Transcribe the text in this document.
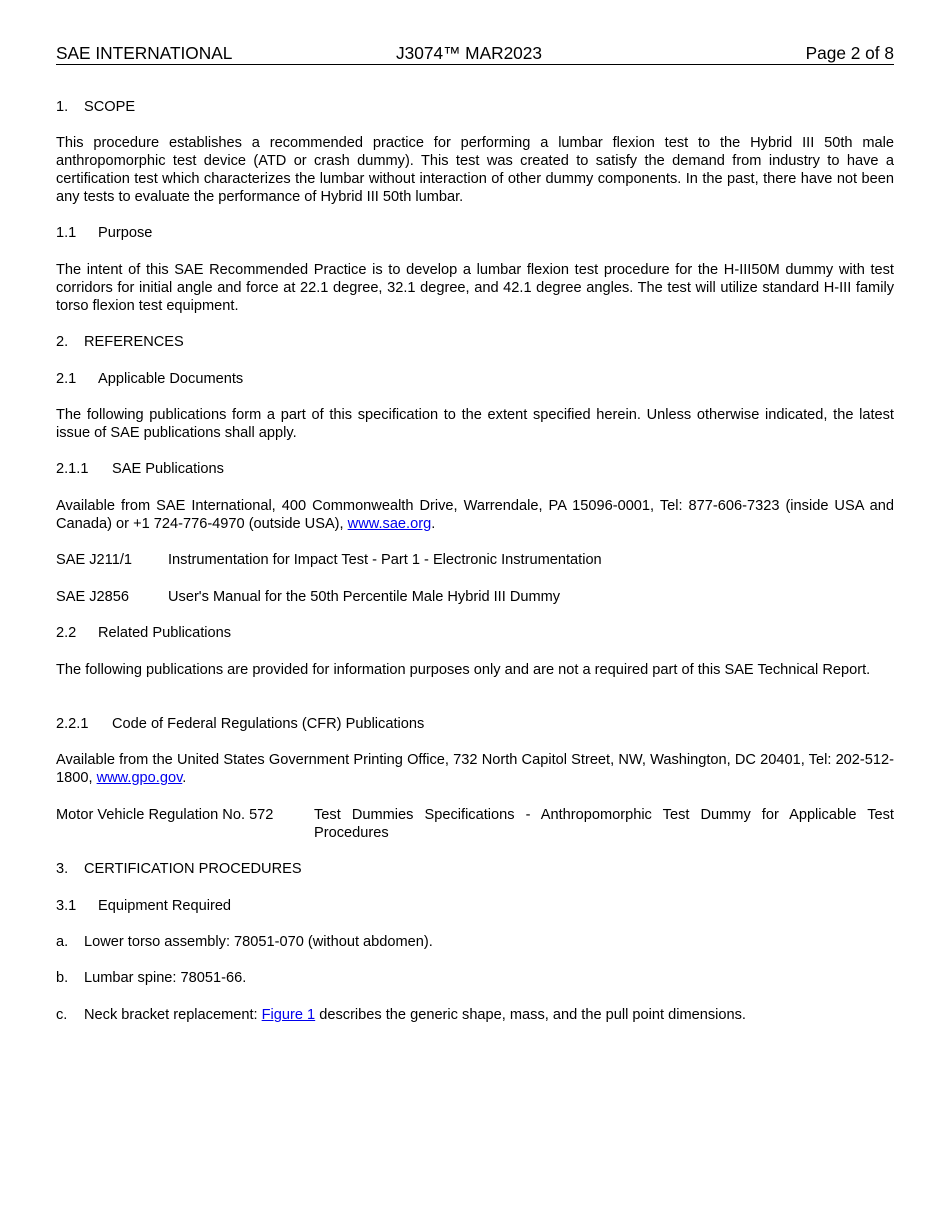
SAE INTERNATIONAL	J3074™ MAR2023	Page 2 of 8
1. SCOPE
This procedure establishes a recommended practice for performing a lumbar flexion test to the Hybrid III 50th male anthropomorphic test device (ATD or crash dummy). This test was created to satisfy the demand from industry to have a certification test which characterizes the lumbar without interaction of other dummy components. In the past, there have not been any tests to evaluate the performance of Hybrid III 50th lumbar.
1.1 Purpose
The intent of this SAE Recommended Practice is to develop a lumbar flexion test procedure for the H-III50M dummy with test corridors for initial angle and force at 22.1 degree, 32.1 degree, and 42.1 degree angles. The test will utilize standard H-III family torso flexion test equipment.
2. REFERENCES
2.1 Applicable Documents
The following publications form a part of this specification to the extent specified herein. Unless otherwise indicated, the latest issue of SAE publications shall apply.
2.1.1 SAE Publications
Available from SAE International, 400 Commonwealth Drive, Warrendale, PA 15096-0001, Tel: 877-606-7323 (inside USA and Canada) or +1 724-776-4970 (outside USA), www.sae.org.
SAE J211/1 Instrumentation for Impact Test - Part 1 - Electronic Instrumentation
SAE J2856	User's Manual for the 50th Percentile Male Hybrid III Dummy
2.2 Related Publications
The following publications are provided for information purposes only and are not a required part of this SAE Technical Report.
2.2.1 Code of Federal Regulations (CFR) Publications
Available from the United States Government Printing Office, 732 North Capitol Street, NW, Washington, DC 20401, Tel: 202-512-1800, www.gpo.gov.
Motor Vehicle Regulation No. 572	Test Dummies Specifications - Anthropomorphic Test Dummy for Applicable Test Procedures
3. CERTIFICATION PROCEDURES
3.1 Equipment Required
a. Lower torso assembly: 78051-070 (without abdomen).
b. Lumbar spine: 78051-66.
c. Neck bracket replacement: Figure 1 describes the generic shape, mass, and the pull point dimensions.
